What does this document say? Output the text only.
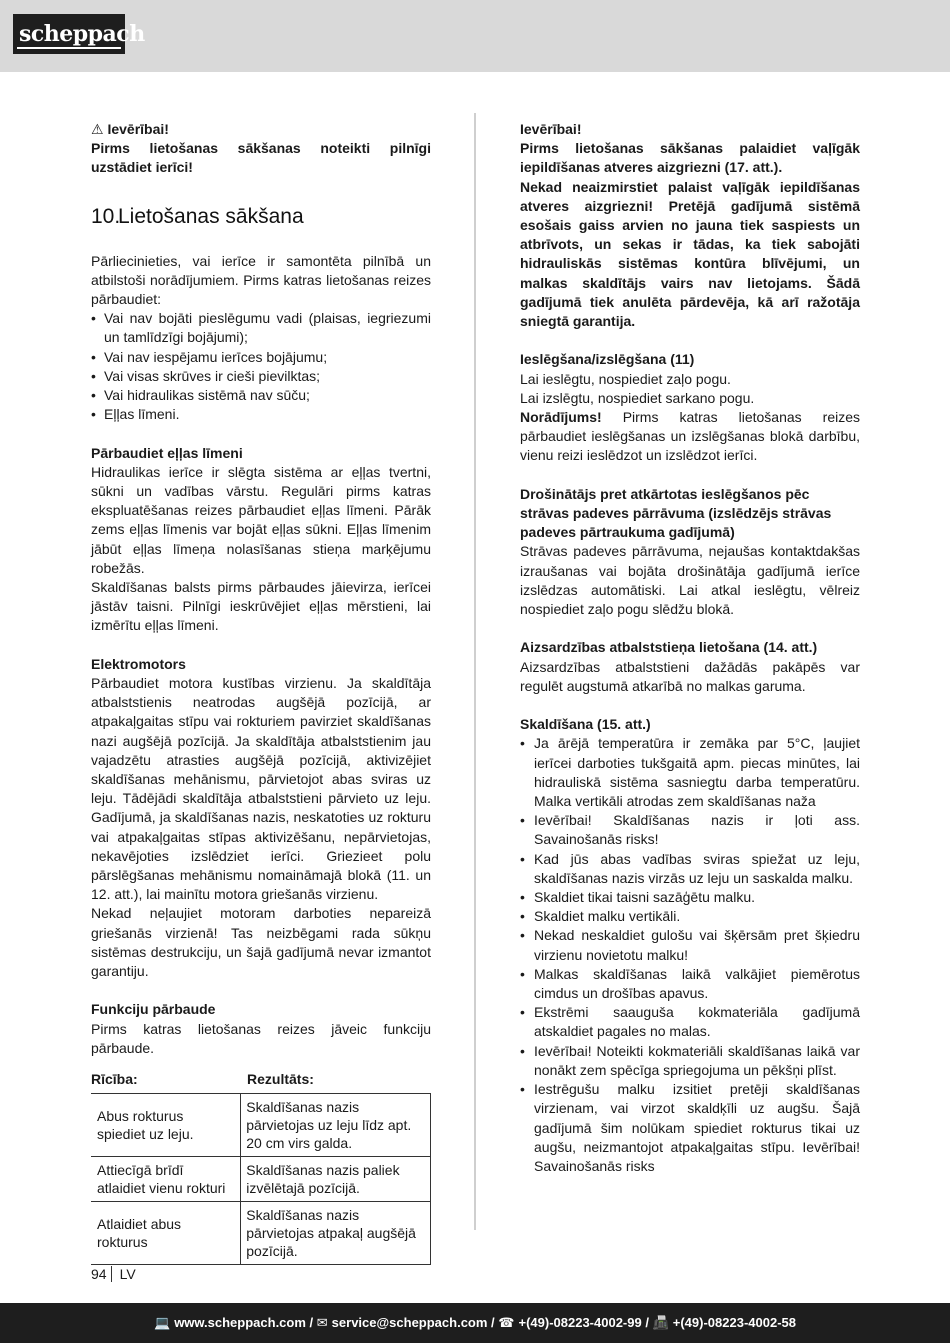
scheppach

⚠ Ievērībai!

Pirms lietošanas sākšanas noteikti pilnīgi uzstādiet ierīci!

10.Lietošanas sākšana

Pārliecinieties, vai ierīce ir samontēta pilnībā un atbilstoši norādījumiem. Pirms katras lietošanas reizes pārbaudiet:

• Vai nav bojāti pieslēgumu vadi (plaisas, iegriezumi un tamlīdzīgi bojājumi);
• Vai nav iespējamu ierīces bojājumu;
• Vai visas skrūves ir cieši pievilktas;
• Vai hidraulikas sistēmā nav sūču;
• Eļļas līmeni.
Pārbaudiet eļļas līmeni

Hidraulikas ierīce ir slēgta sistēma ar eļļas tvertni, sūkni un vadības vārstu. Regulāri pirms katras ekspluatēšanas reizes pārbaudiet eļļas līmeni. Pārāk zems eļļas līmenis var bojāt eļļas sūkni. Eļļas līmenim jābūt eļļas līmeņa nolasīšanas stieņa marķējumu robežās.

Skaldīšanas balsts pirms pārbaudes jāievirza, ierīcei jāstāv taisni. Pilnīgi ieskrūvējiet eļļas mērstieni, lai izmērītu eļļas līmeni.

Elektromotors

Pārbaudiet motora kustības virzienu. Ja skaldītāja atbalststienis neatrodas augšējā pozīcijā, ar atpakaļgaitas stīpu vai rokturiem pavirziet skaldīšanas nazi augšējā pozīcijā. Ja skaldītāja atbalststienim jau vajadzētu atrasties augšējā pozīcijā, aktivizējiet skaldīšanas mehānismu, pārvietojot abas sviras uz leju. Tādējādi skaldītāja atbalststieni pārvieto uz leju. Gadījumā, ja skaldīšanas nazis, neskatoties uz rokturu vai atpakaļgaitas stīpas aktivizēšanu, nepārvietojas, nekavējoties izslēdziet ierīci. Griezieet polu pārslēgšanas mehānismu nomaināmajā blokā (11. un 12. att.), lai mainītu motora griešanās virzienu.

Nekad neļaujiet motoram darboties nepareizā griešanās virzienā! Tas neizbēgami rada sūkņu sistēmas destrukciju, un šajā gadījumā nevar izmantot garantiju.

Funkciju pārbaude

Pirms katras lietošanas reizes jāveic funkciju pārbaude.

Rīcība:	Rezultāts:
Abus rokturus spiediet uz leju.	Skaldīšanas nazis pārvietojas uz leju līdz apt. 20 cm virs galda.
Attiecīgā brīdī atlaidiet vienu rokturi	Skaldīšanas nazis paliek izvēlētajā pozīcijā.
Atlaidiet abus rokturus	Skaldīšanas nazis pārvietojas atpakaļ augšējā pozīcijā.

Ievērībai!

Pirms lietošanas sākšanas palaidiet vaļīgāk iepildīšanas atveres aizgriezni (17. att.).

Nekad neaizmirstiet palaist vaļīgāk iepildīšanas atveres aizgriezni! Pretējā gadījumā sistēmā esošais gaiss arvien no jauna tiek saspiests un atbrīvots, un sekas ir tādas, ka tiek sabojāti hidrauliskās sistēmas kontūra blīvējumi, un malkas skaldītājs vairs nav lietojams. Šādā gadījumā tiek anulēta pārdevēja, kā arī ražotāja sniegtā garantija.

Ieslēgšana/izslēgšana (11)

Lai ieslēgtu, nospiediet zaļo pogu.

Lai izslēgtu, nospiediet sarkano pogu.

Norādījums! Pirms katras lietošanas reizes pārbaudiet ieslēgšanas un izslēgšanas blokā darbību, vienu reizi ieslēdzot un izslēdzot ierīci.

Drošinātājs pret atkārtotas ieslēgšanos pēc strāvas padeves pārrāvuma (izslēdzējs strāvas padeves pārtraukuma gadījumā)

Strāvas padeves pārrāvuma, nejaušas kontaktdakšas izraušanas vai bojāta drošinātāja gadījumā ierīce izslēdzas automātiski. Lai atkal ieslēgtu, vēlreiz nospiediet zaļo pogu slēdžu blokā.

Aizsardzības atbalststieņa lietošana (14. att.)

Aizsardzības atbalststieni dažādās pakāpēs var regulēt augstumā atkarībā no malkas garuma.

Skaldīšana (15. att.)
• Ja ārējā temperatūra ir zemāka par 5°C, ļaujiet ierīcei darboties tukšgaitā apm. piecas minūtes, lai hidrauliskā sistēma sasniegtu darba temperatūru. Malka vertikāli atrodas zem skaldīšanas naža
• Ievērībai! Skaldīšanas nazis ir ļoti ass. Savainošanās risks!
• Kad jūs abas vadības sviras spiežat uz leju, skaldīšanas nazis virzās uz leju un saskalda malku.
• Skaldiet tikai taisni sazāģētu malku.
• Skaldiet malku vertikāli.
• Nekad neskaldiet gulošu vai šķērsām pret šķiedru virzienu novietotu malku!
• Malkas skaldīšanas laikā valkājiet piemērotus cimdus un drošības apavus.
• Ekstrēmi saauguša kokmateriāla gadījumā atskaldiet pagales no malas.
• Ievērībai! Noteikti kokmateriāli skaldīšanas laikā var nonākt zem spēcīga spriegojuma un pēkšņi plīst.
• Iestrēgušu malku izsitiet pretēji skaldīšanas virzienam, vai virzot skaldķīli uz augšu. Šajā gadījumā šim nolūkam spiediet rokturus tikai uz augšu, neizmantojot atpakaļgaitas stīpu. Ievērībai! Savainošanās risks
94 LV
💻 www.scheppach.com / ✉ service@scheppach.com / ☎ +(49)-08223-4002-99 / 📠 +(49)-08223-4002-58
